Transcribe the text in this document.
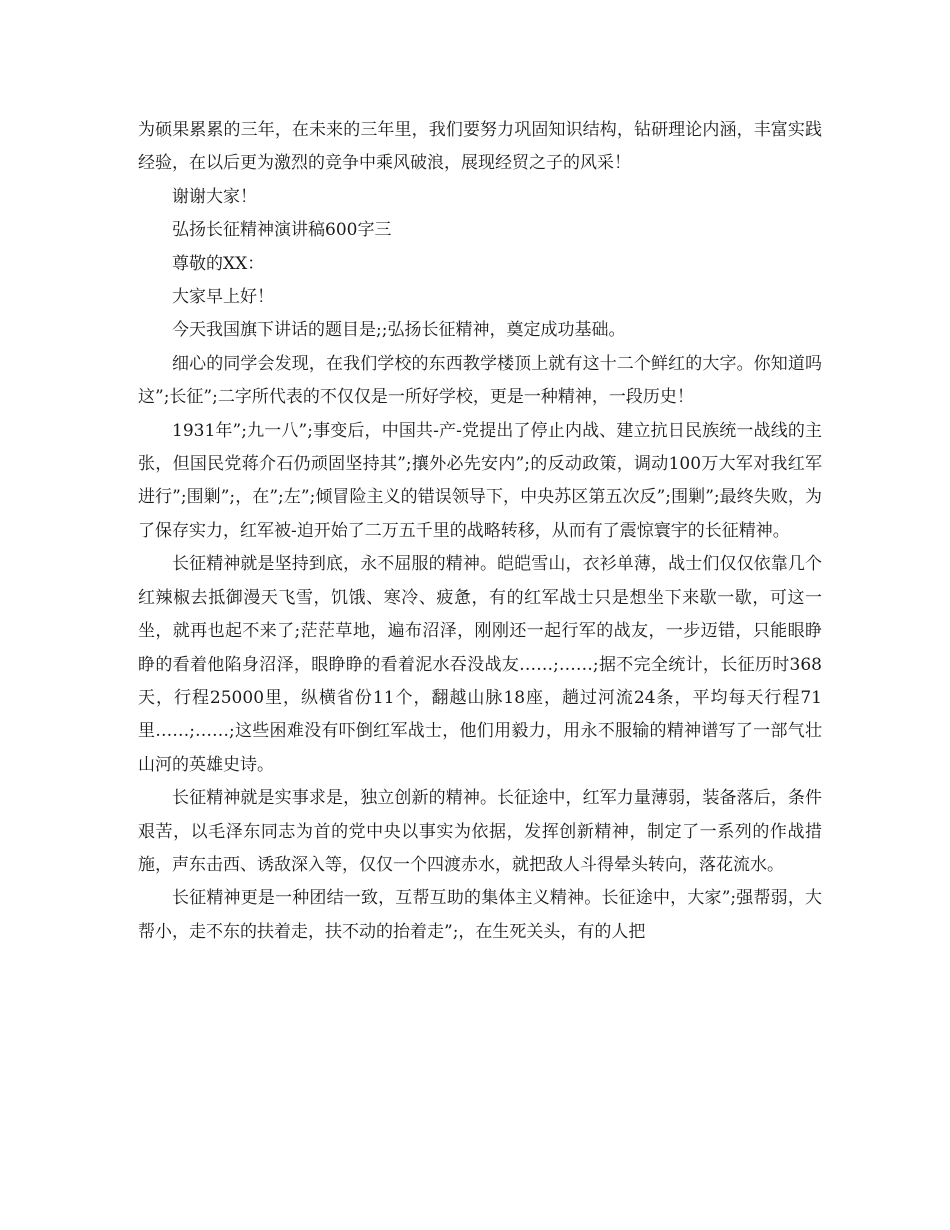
为硕果累累的三年，在未来的三年里，我们要努力巩固知识结构，钻研理论内涵，丰富实践经验，在以后更为激烈的竞争中乘风破浪，展现经贸之子的风采！

谢谢大家！

弘扬长征精神演讲稿600字三

尊敬的XX：

大家早上好！

今天我国旗下讲话的题目是;;弘扬长征精神，奠定成功基础。

细心的同学会发现，在我们学校的东西教学楼顶上就有这十二个鲜红的大字。你知道吗这”;长征”;二字所代表的不仅仅是一所好学校，更是一种精神，一段历史！

1931年”;九一八”;事变后，中国共-产-党提出了停止内战、建立抗日民族统一战线的主张，但国民党蒋介石仍顽固坚持其”;攘外必先安内”;的反动政策，调动100万大军对我红军进行”;围剿”;，在”;左”;倾冒险主义的错误领导下，中央苏区第五次反”;围剿”;最终失败，为了保存实力，红军被-迫开始了二万五千里的战略转移，从而有了震惊寰宇的长征精神。

长征精神就是坚持到底，永不屈服的精神。皑皑雪山，衣衫单薄，战士们仅仅依靠几个红辣椒去抵御漫天飞雪，饥饿、寒冷、疲惫，有的红军战士只是想坐下来歇一歇，可这一坐，就再也起不来了;茫茫草地，遍布沼泽，刚刚还一起行军的战友，一步迈错，只能眼睁睁的看着他陷身沼泽，眼睁睁的看着泥水吞没战友……;……;据不完全统计，长征历时368天，行程25000里，纵横省份11个，翻越山脉18座，趟过河流24条，平均每天行程71里……;……;这些困难没有吓倒红军战士，他们用毅力，用永不服输的精神谱写了一部气壮山河的英雄史诗。

长征精神就是实事求是，独立创新的精神。长征途中，红军力量薄弱，装备落后，条件艰苦，以毛泽东同志为首的党中央以事实为依据，发挥创新精神，制定了一系列的作战措施，声东击西、诱敌深入等，仅仅一个四渡赤水，就把敌人斗得晕头转向，落花流水。

长征精神更是一种团结一致，互帮互助的集体主义精神。长征途中，大家”;强帮弱，大帮小，走不东的扶着走，扶不动的抬着走”;，在生死关头，有的人把
